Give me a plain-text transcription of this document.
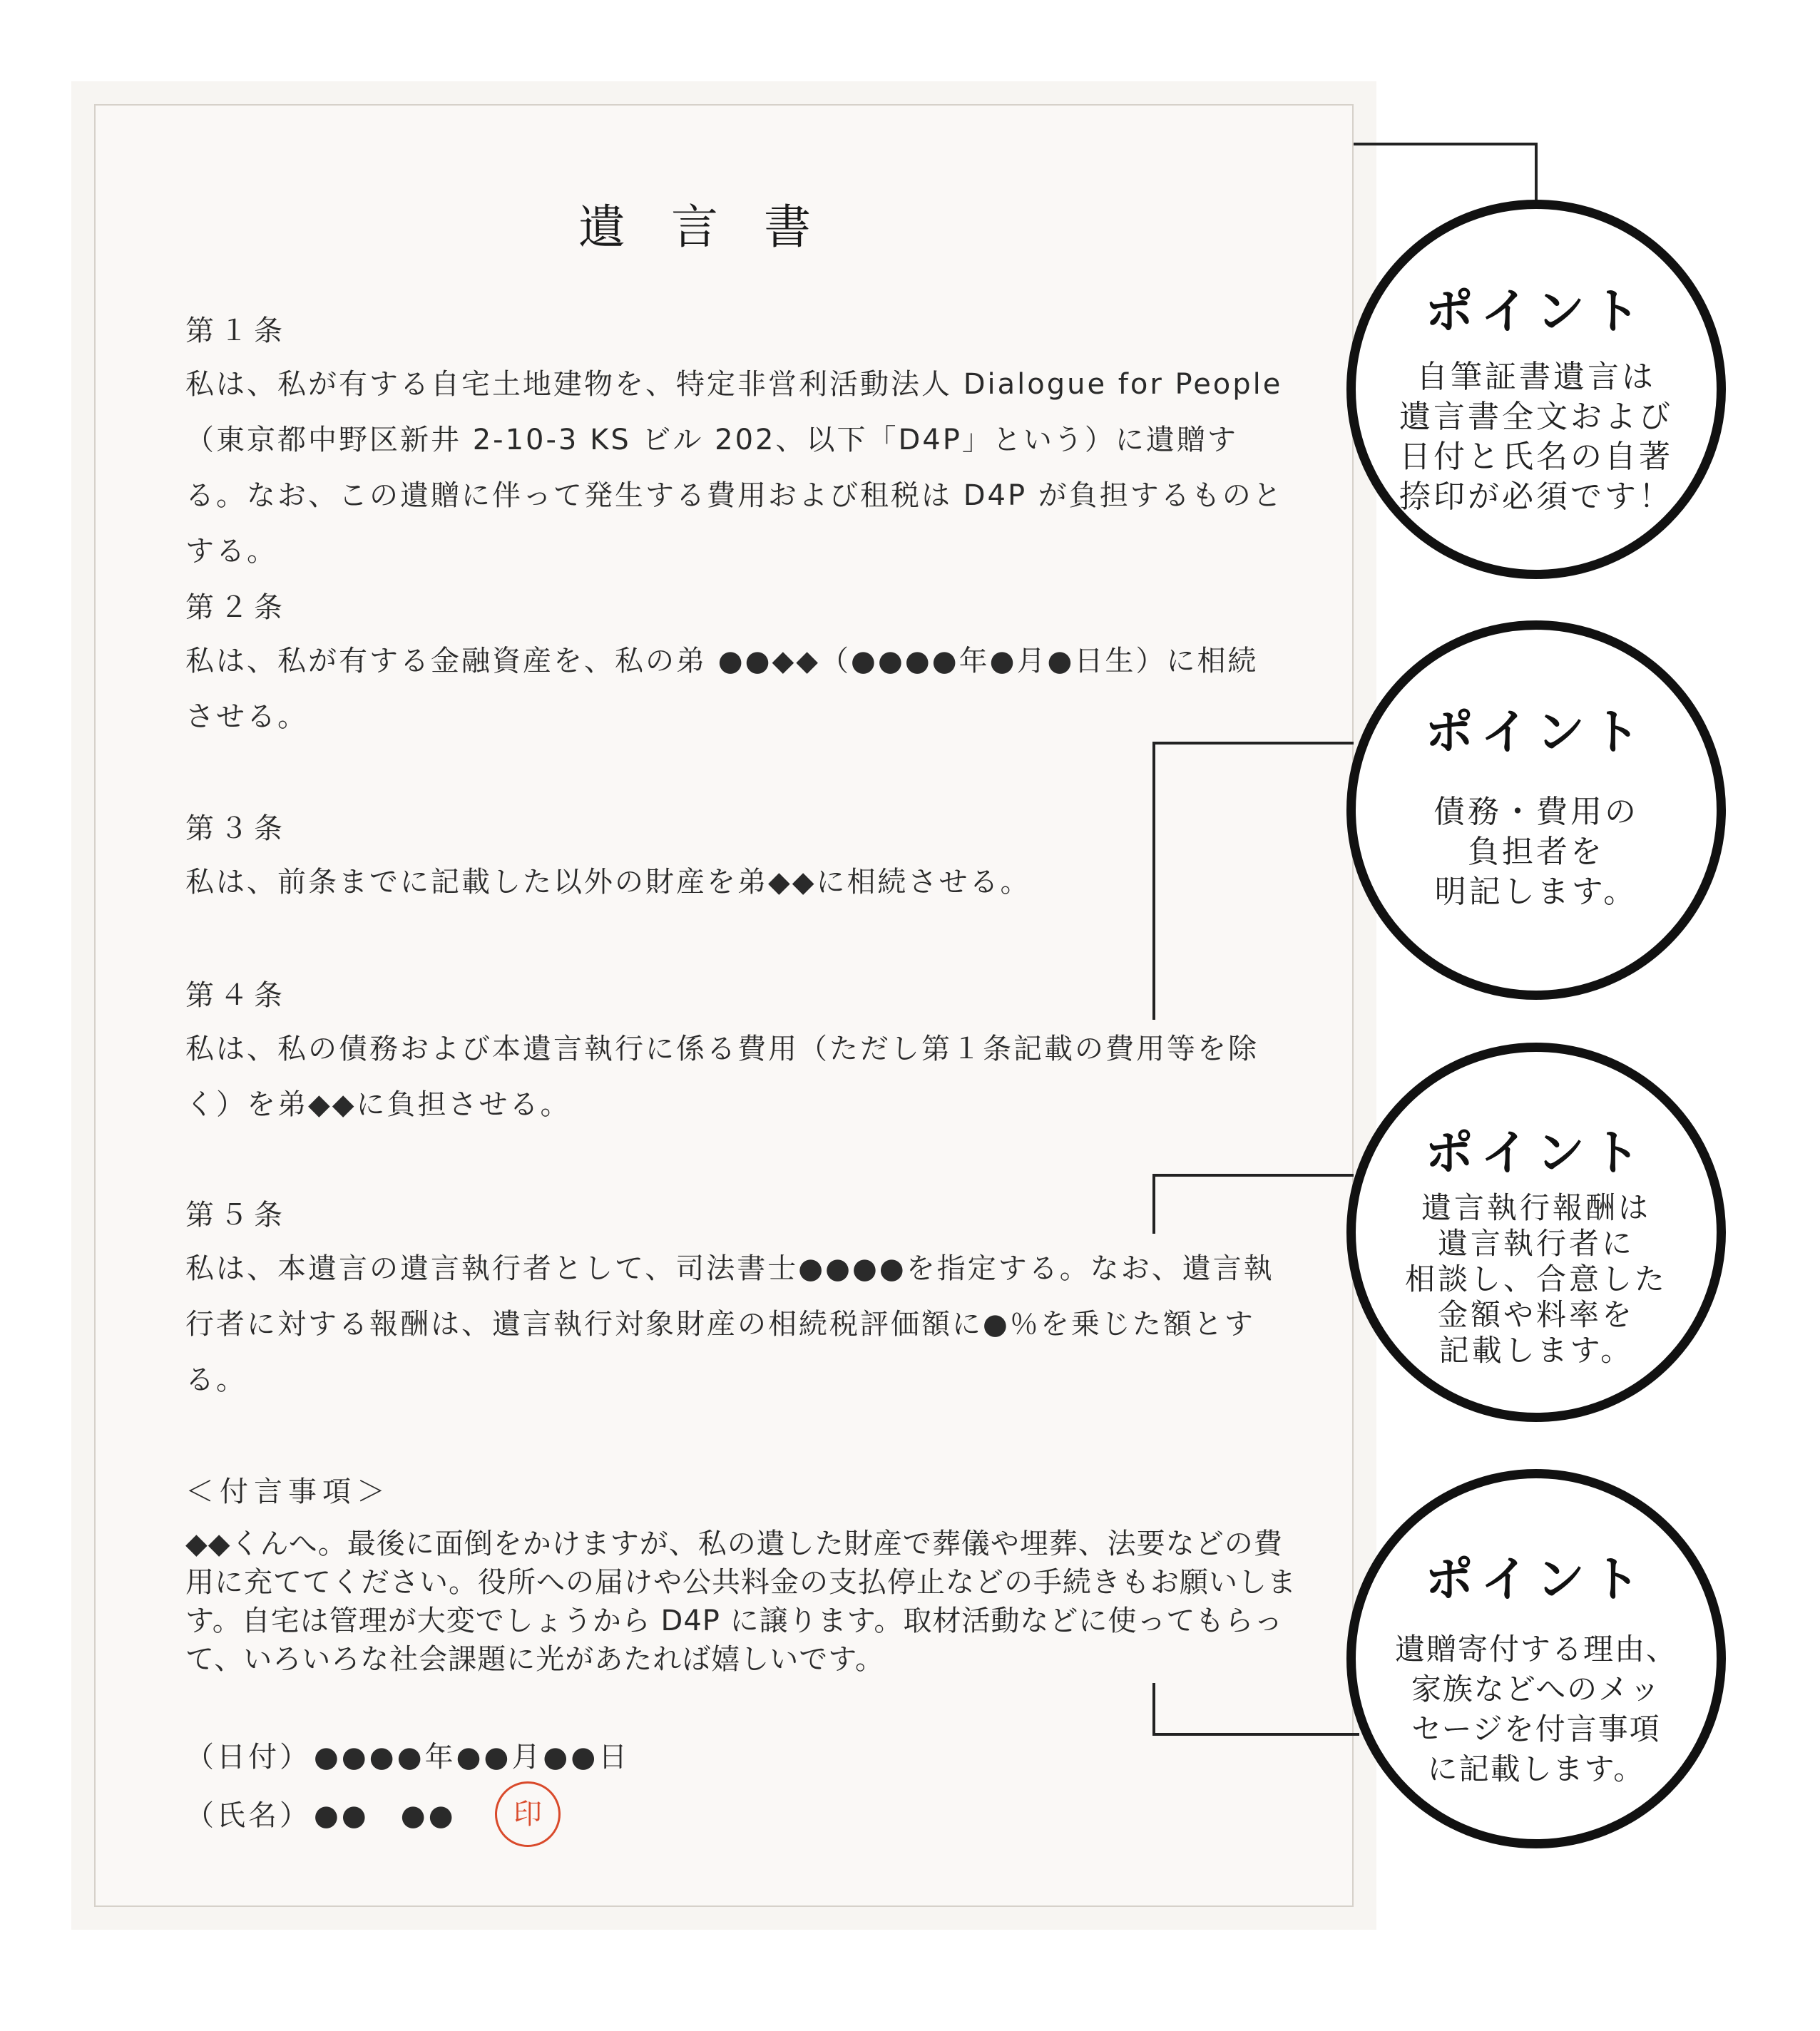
遺言書
第１条
私は、私が有する自宅土地建物を、特定非営利活動法人 Dialogue for People（東京都中野区新井 2-10-3 KS ビル 202、以下「D4P」という）に遺贈する。なお、この遺贈に伴って発生する費用および租税は D4P が負担するものとする。
第２条
私は、私が有する金融資産を、私の弟 ●●◆◆（●●●●年●月●日生）に相続させる。
第３条
私は、前条までに記載した以外の財産を弟◆◆に相続させる。
第４条
私は、私の債務および本遺言執行に係る費用（ただし第１条記載の費用等を除く）を弟◆◆に負担させる。
第５条
私は、本遺言の遺言執行者として、司法書士●●●●を指定する。なお、遺言執行者に対する報酬は、遺言執行対象財産の相続税評価額に●％を乗じた額とする。
＜付言事項＞
◆◆くんへ。最後に面倒をかけますが、私の遺した財産で葬儀や埋葬、法要などの費用に充ててください。役所への届けや公共料金の支払停止などの手続きもお願いします。自宅は管理が大変でしょうから D4P に譲ります。取材活動などに使ってもらって、いろいろな社会課題に光があたれば嬉しいです。
（日付） ●●●●年●●月●●日
（氏名） ●●　●●	印
ポイント
自筆証書遺言は
遺言書全文および
日付と氏名の自著
捺印が必須です！
ポイント
債務・費用の
負担者を
明記します。
ポイント
遺言執行報酬は
遺言執行者に
相談し、合意した
金額や料率を
記載します。
ポイント
遺贈寄付する理由、
家族などへのメッ
セージを付言事項
に記載します。
